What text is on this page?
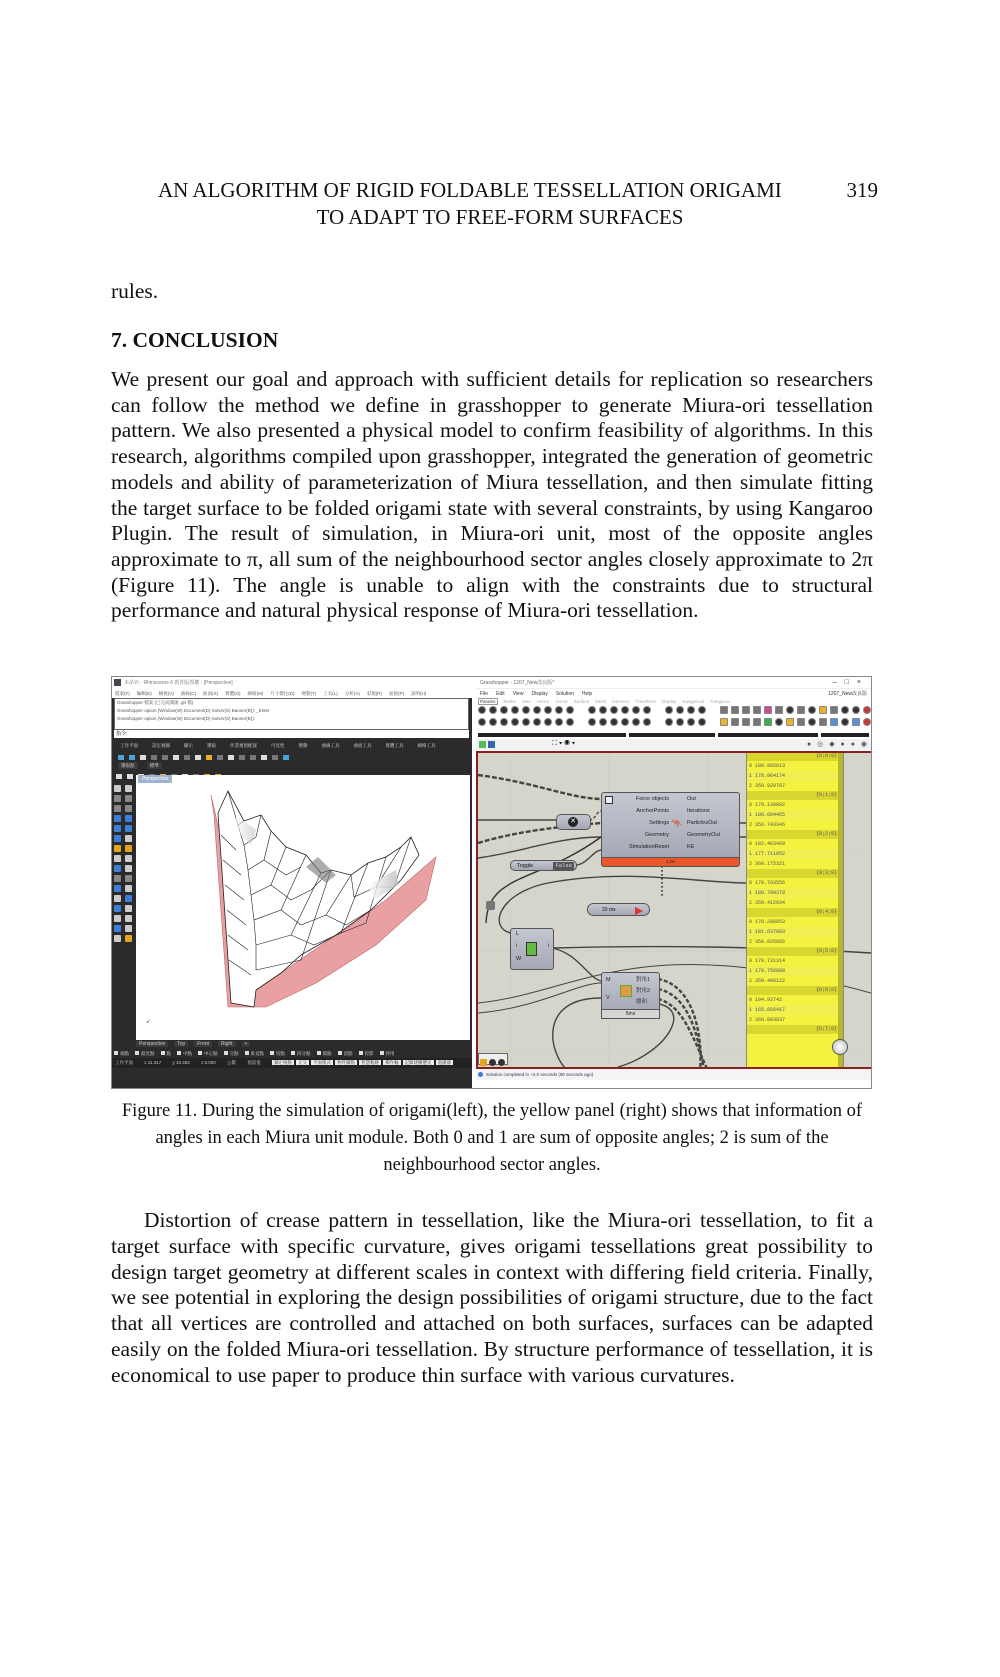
AN ALGORITHM OF RIGID FOLDABLE TESSELLATION ORIGAMI	319
TO ADAPT TO FREE-FORM SURFACES
rules.
7. CONCLUSION
We present our goal and approach with sufficient details for replication so researchers can follow the method we define in grasshopper to generate Miura-ori tessellation pattern. We also presented a physical model to confirm feasibility of algorithms. In this research, algorithms compiled upon grasshopper, integrated the generation of geometric models and ability of parameterization of Miura tessellation, and then simulate fitting the target surface to be folded origami state with several constraints, by using Kangaroo Plugin. The result of simulation, in Miura-ori unit, most of the opposite angles approximate to π, all sum of the neighbourhood sector angles closely approximate to 2π (Figure 11). The angle is unable to align with the constraints due to structural performance and natural physical response of Miura-ori tessellation.
未命名 - Rhinoceros 6 教育版授權 - [Perspective]
檔案(F) 編輯(E) 檢視(V) 曲線(C) 曲面(S) 實體(O) 網格(M) 尺寸標注(D) 變動(T) 工具(L) 分析(A) 彩現(R) 面板(P) 說明(H)
Grasshopper 檔案 (已完成開啟 .gh 檔)
Grasshopper option (Window(W) Document(D) Solver(S) Banner(B)): _Enter
Grasshopper option (Window(W) Document(D) Solver(S) Banner(B)):
指令:
工作平面	設定視圖	顯示	選取	作業視窗配置	可見性	變動	曲線工具	曲面工具	實體工具	網格工具
選取點	標準
Perspective
↙
Perspective Top Front Right +
端點	最近點	點	中點	中心點	交點	垂直點	切點	四分點	節點	頂點	投影	停用
工作平面	x 11.317	y 10.453	z 0.000	公釐	預設值	鎖定格點 正交 平面模式 物件鎖點 智慧軌跡 操作軸 記錄建構歷史 過濾器
Grasshopper - 1207_New改良版*	–□×
File Edit View Display Solution Help	1207_New改良版
Params Maths Sets Vector Curve Surface Mesh Intersect Transform Display Kangaroo2 Kangaroo
⛶ ▾ ◉ ▾	● ◎ ◆ ● ● ◉
Force objects
AnchorPoints
Settings
Geometry
SimulationReset
🦘
Out
Iterations
ParticlesOut
GeometryOut
KE
1.0s
✕
Toggle	False
20 ms
L
i
W
i
M
V
對角1
對角2
總和
5ms
{0;0;0}
0 180.965613
1 178.964174
2 359.929787
{0;1;0}
0 179.138892
1 180.604455
2 359.743346
{0;2;0}
0 182.463469
1 177.711852
2 360.175321
{0;3;0}
0 178.703556
1 180.709378
2 359.412934
{0;4;0}
0 178.288053
1 181.637003
2 359.925056
{0;5;0}
0 179.731314
1 179.756808
2 359.488122
{0;6;0}
0 194.93742
1 165.956417
2 360.893837
{0;7;0}
Solution completed in ~2.0 seconds (90 seconds ago)
Figure 11. During the simulation of origami(left), the yellow panel (right) shows that information of angles in each Miura unit module. Both 0 and 1 are sum of opposite angles; 2 is sum of the neighbourhood sector angles.
Distortion of crease pattern in tessellation, like the Miura-ori tessellation, to fit a target surface with specific curvature, gives origami tessellations great possibility to design target geometry at different scales in context with differing field criteria. Finally, we see potential in exploring the design possibilities of origami structure, due to the fact that all vertices are controlled and attached on both surfaces, surfaces can be adapted easily on the folded Miura-ori tessellation. By structure performance of tessellation, it is economical to use paper to produce thin surface with various curvatures.
